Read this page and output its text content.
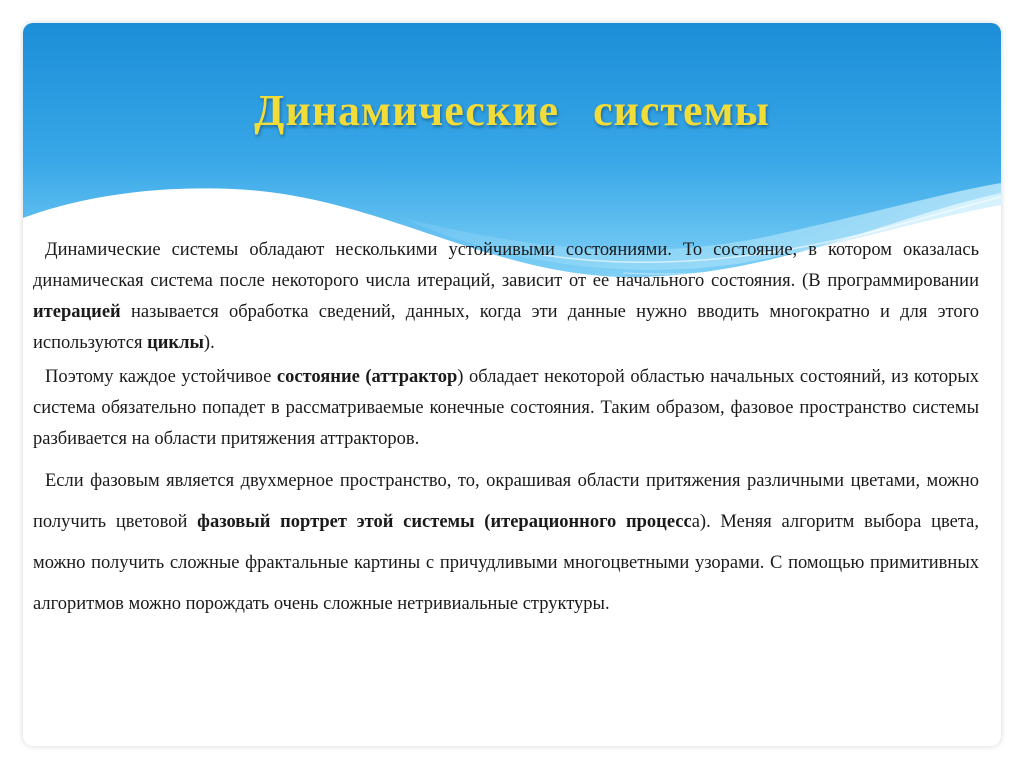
Динамические системы

Динамические системы обладают несколькими устойчивыми состояниями. То состояние, в котором оказалась динамическая система после некоторого числа итераций, зависит от ее начального состояния. (В программировании итерацией называется обработка сведений, данных, когда эти данные нужно вводить многократно и для этого используются циклы).

Поэтому каждое устойчивое состояние (аттрактор) обладает некоторой областью начальных состояний, из которых система обязательно попадет в рассматриваемые конечные состояния. Таким образом, фазовое пространство системы разбивается на области притяжения аттракторов.

Если фазовым является двухмерное пространство, то, окрашивая области притяжения различными цветами, можно получить цветовой фазовый портрет этой системы (итерационного процесса). Меняя алгоритм выбора цвета, можно получить сложные фрактальные картины с причудливыми многоцветными узорами. С помощью примитивных алгоритмов можно порождать очень сложные нетривиальные структуры.
